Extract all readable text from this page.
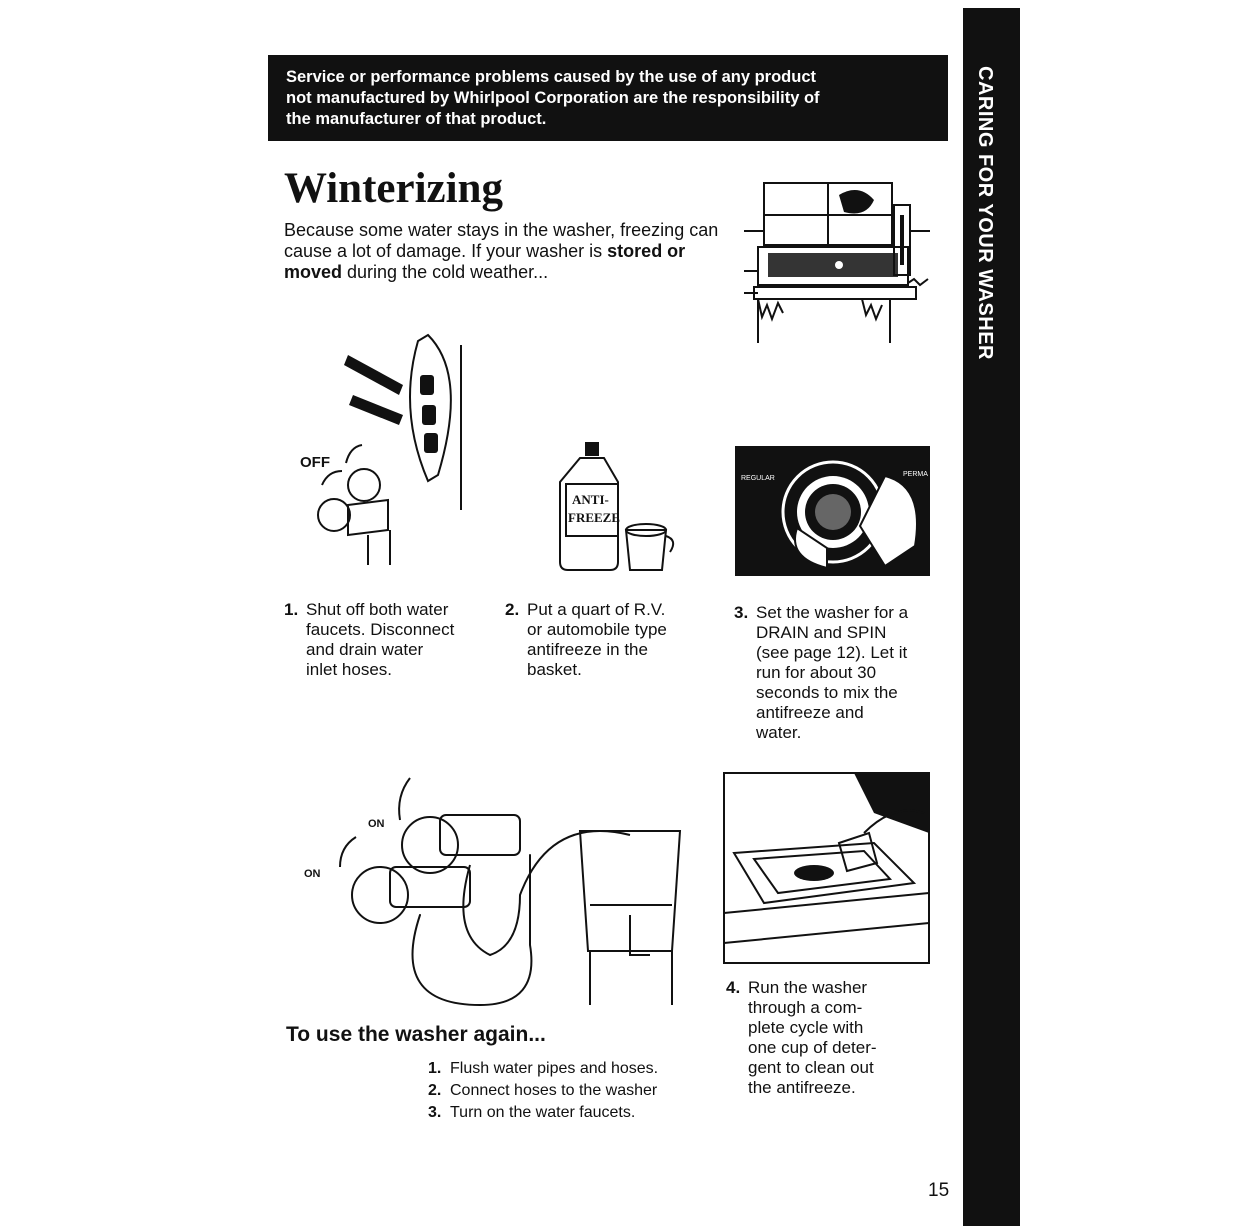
Service or performance problems caused by the use of any product
not manufactured by Whirlpool Corporation are the responsibility of
the manufacturer of that product.	CARING FOR YOUR WASHER
Winterizing

Because some water stays in the washer, freezing can cause a lot of damage. If your washer is stored or moved during the cold weather...

OFF
ANTI-
FREEZE
REGULAR
PERMA
1. Shut off both water
faucets. Disconnect
and drain water
inlet hoses.
2. Put a quart of R.V.
or automobile type
antifreeze in the
basket.
3. Set the washer for a
DRAIN and SPIN
(see page 12). Let it
run for about 30
seconds to mix the
antifreeze and
water.
ON
ON
4. Run the washer
through a com-
plete cycle with
one cup of deter-
gent to clean out
the antifreeze.
To use the washer again...
1. Flush water pipes and hoses.
2. Connect hoses to the washer
3. Turn on the water faucets.
15
